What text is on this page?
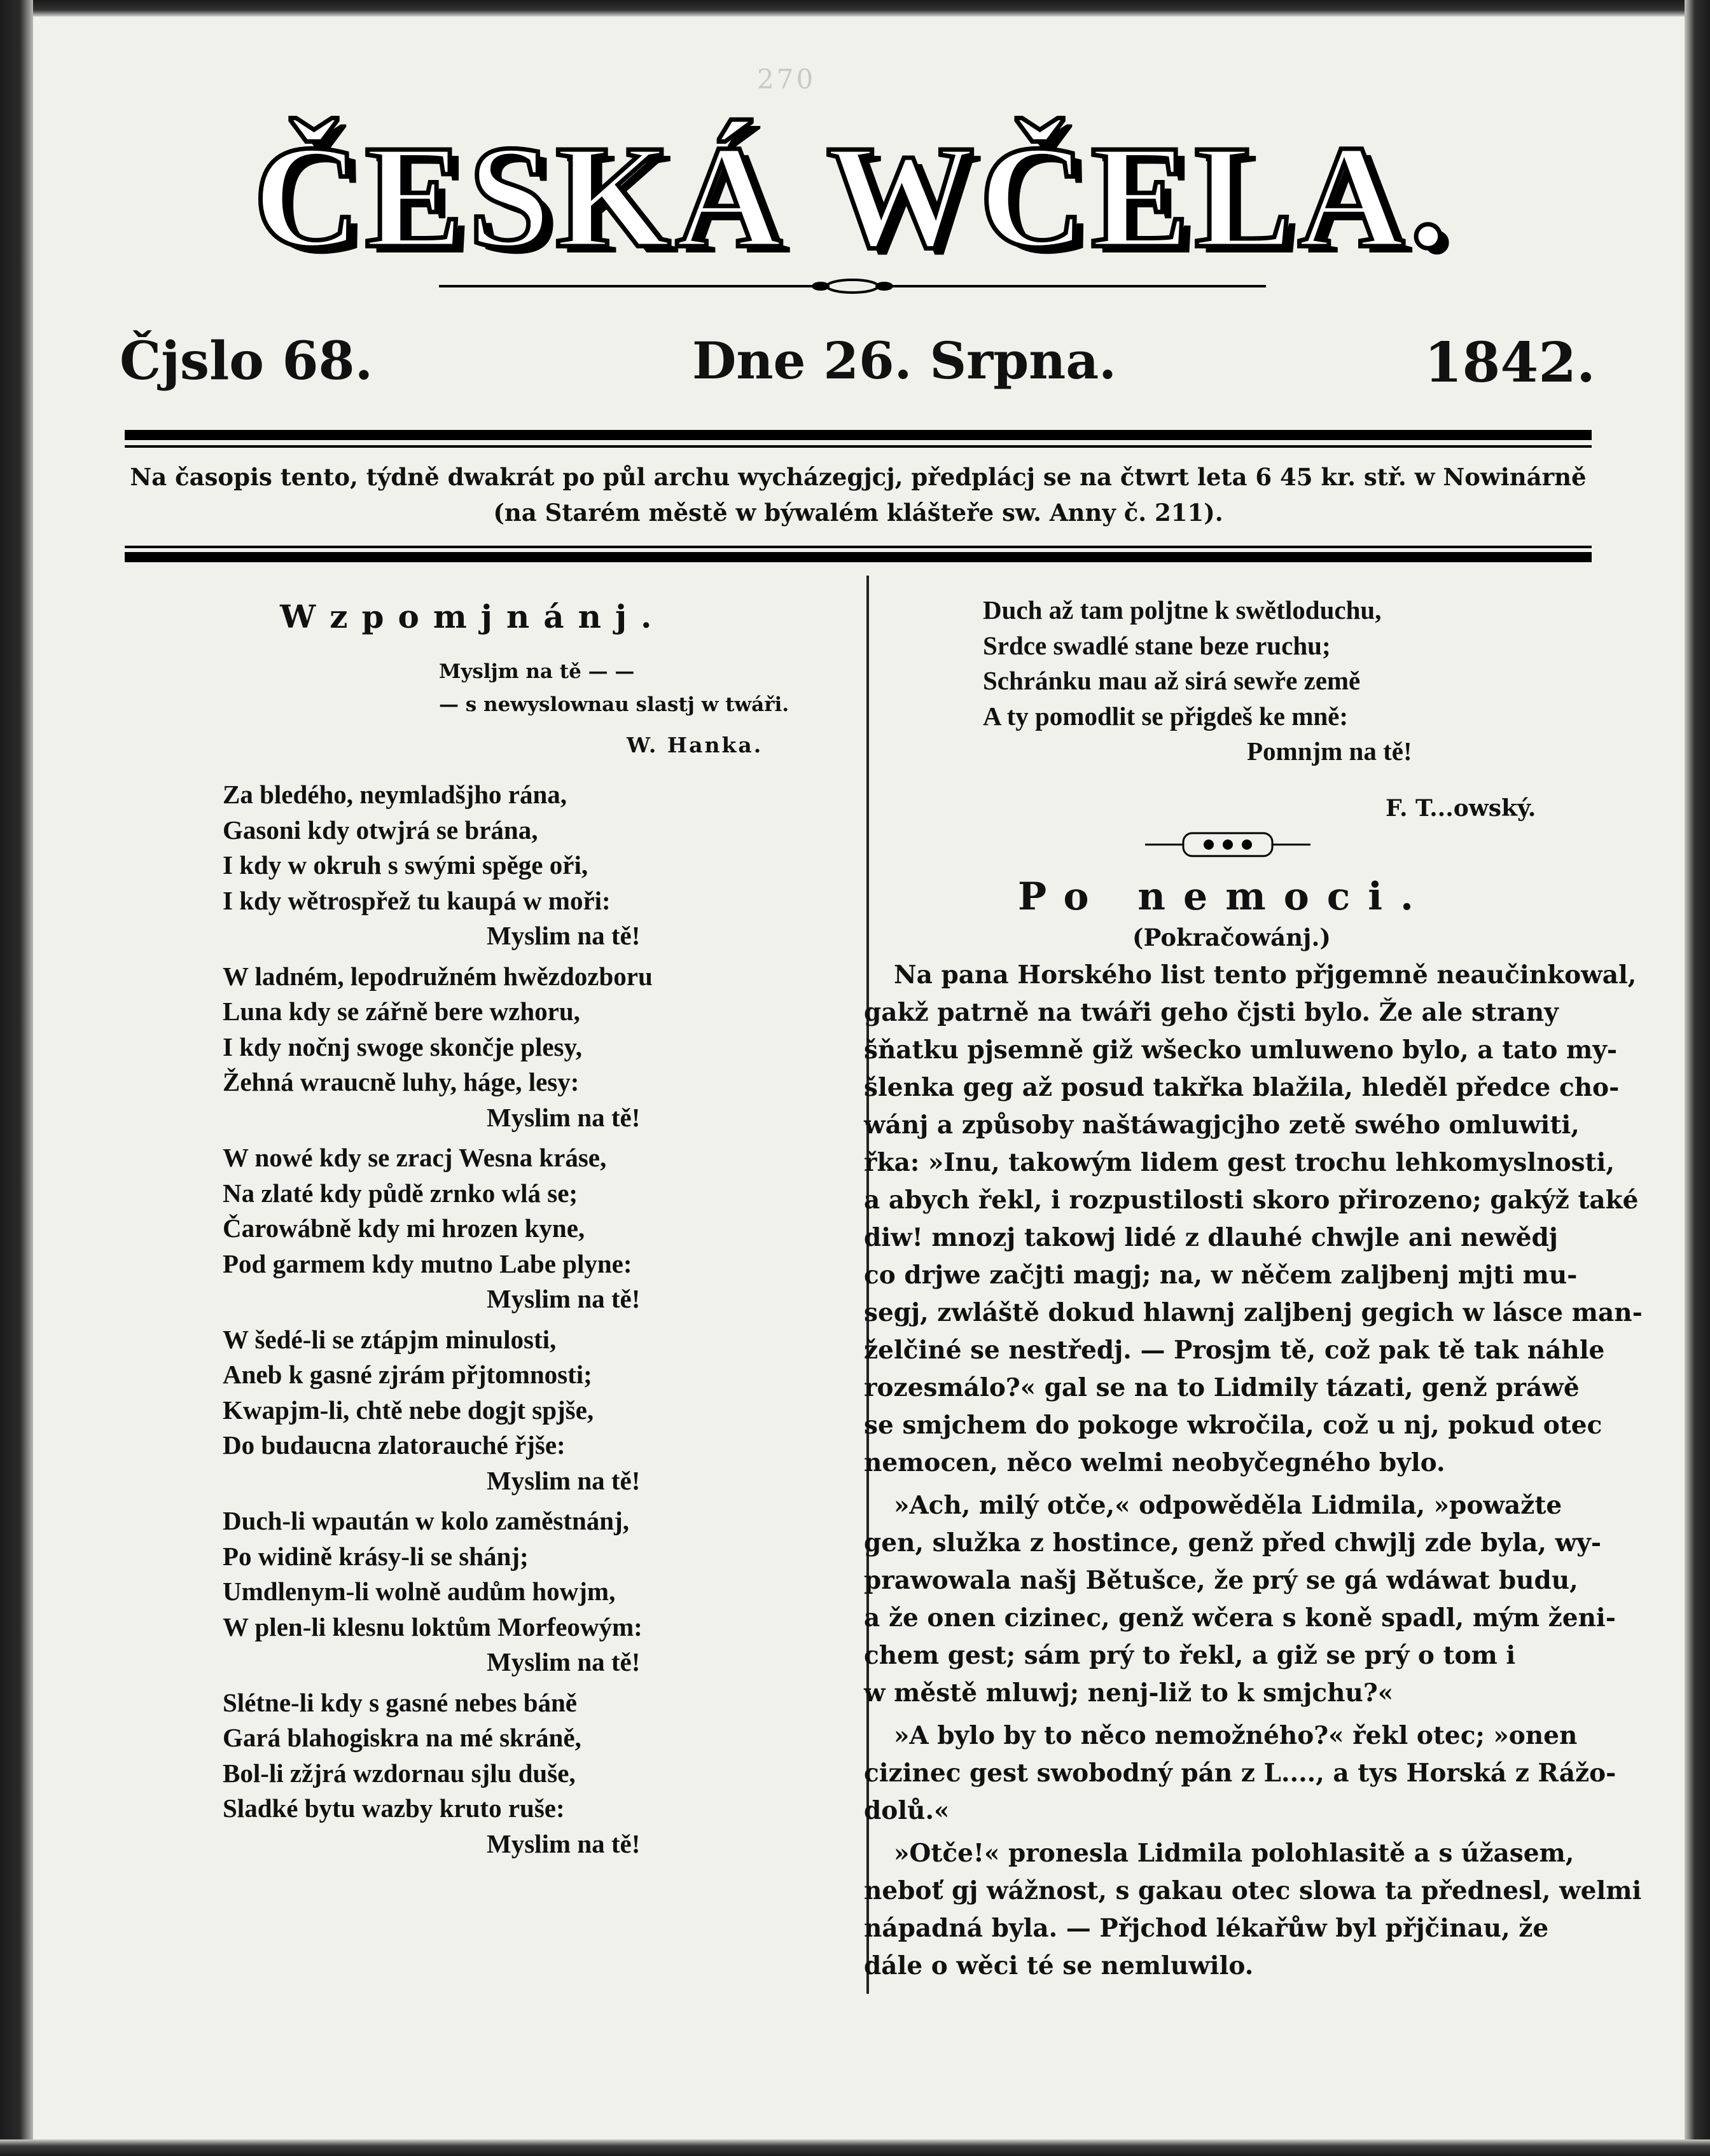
270
ČESKÁ WČELA.
Čjslo 68.	Dne 26. Srpna.	1842.
Na časopis tento, týdně dwakrát po půl archu wycházegjcj, předplácj se na čtwrt leta 6 45 kr. stř. w Nowinárně
(na Starém městě w býwalém klášteře sw. Anny č. 211).
Wzpomjnánj.
Mysljm na tě — —
— s newyslownau slastj w twáři.
W. Hanka.
Za bledého, neymladšjho rána,
Gasoni kdy otwjrá se brána,
I kdy w okruh s swými spěge oři,
I kdy wětrospřež tu kaupá w moři:
Myslim na tě!
W ladném, lepodružném hwězdozboru
Luna kdy se zářně bere wzhoru,
I kdy nočnj swoge skončje plesy,
Žehná wraucně luhy, háge, lesy:
Myslim na tě!
W nowé kdy se zracj Wesna kráse,
Na zlaté kdy půdě zrnko wlá se;
Čarowábně kdy mi hrozen kyne,
Pod garmem kdy mutno Labe plyne:
Myslim na tě!
W šedé-li se ztápjm minulosti,
Aneb k gasné zjrám přjtomnosti;
Kwapjm-li, chtě nebe dogjt spjše,
Do budaucna zlatorauché řjše:
Myslim na tě!
Duch-li wpaután w kolo zaměstnánj,
Po widině krásy-li se shánj;
Umdlenym-li wolně audům howjm,
W plen-li klesnu loktům Morfeowým:
Myslim na tě!
Slétne-li kdy s gasné nebes báně
Gará blahogiskra na mé skráně,
Bol-li zžjrá wzdornau sjlu duše,
Sladké bytu wazby kruto ruše:
Myslim na tě!
Duch až tam poljtne k swětloduchu,
Srdce swadlé stane beze ruchu;
Schránku mau až sirá sewře země
A ty pomodlit se přigdeš ke mně:
Pomnjm na tě!
F. T...owský.
Po nemoci.
(Pokračowánj.)
Na pana Horského list tento přjgemně neaučinkowal,
gakž patrně na twáři geho čjsti bylo. Že ale strany
šňatku pjsemně giž wšecko umluweno bylo, a tato my-
šlenka geg až posud takřka blažila, hleděl předce cho-
wánj a způsoby naštáwagjcjho zetě swého omluwiti,
řka: »Inu, takowým lidem gest trochu lehkomyslnosti,
a abych řekl, i rozpustilosti skoro přirozeno; gakýž také
diw! mnozj takowj lidé z dlauhé chwjle ani newědj
co drjwe začjti magj; na, w něčem zaljbenj mjti mu-
segj, zwláště dokud hlawnj zaljbenj gegich w lásce man-
želčiné se nestředj. — Prosjm tě, což pak tě tak náhle
rozesmálo?« gal se na to Lidmily tázati, genž práwě
se smjchem do pokoge wkročila, což u nj, pokud otec
nemocen, něco welmi neobyčegného bylo.
»Ach, milý otče,« odpowěděla Lidmila, »powažte
gen, služka z hostince, genž před chwjlj zde byla, wy-
prawowala našj Bětušce, že prý se gá wdáwat budu,
a že onen cizinec, genž wčera s koně spadl, mým ženi-
chem gest; sám prý to řekl, a giž se prý o tom i
w městě mluwj; nenj-liž to k smjchu?«
»A bylo by to něco nemožného?« řekl otec; »onen
cizinec gest swobodný pán z L...., a tys Horská z Rážo-
dolů.«
»Otče!« pronesla Lidmila polohlasitě a s úžasem,
neboť gj wážnost, s gakau otec slowa ta přednesl, welmi
nápadná byla. — Přjchod lékařůw byl přjčinau, že
dále o wěci té se nemluwilo.
